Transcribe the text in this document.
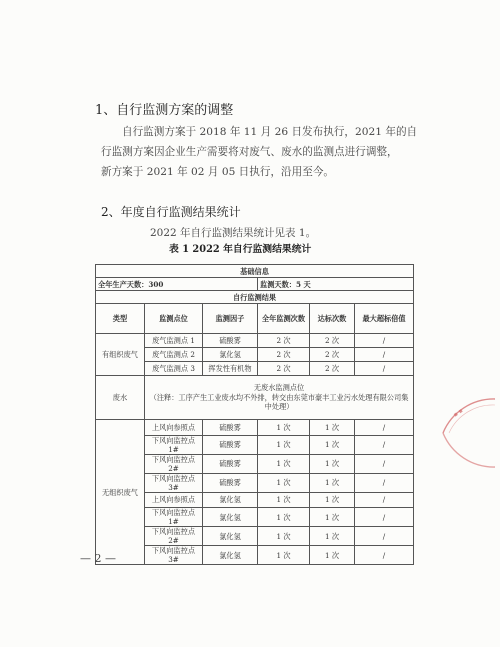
1、自行监测方案的调整
自行监测方案于 2018 年 11 月 26 日发布执行，2021 年的自
行监测方案因企业生产需要将对废气、废水的监测点进行调整，
新方案于 2021 年 02 月 05 日执行，沿用至今。
2、年度自行监测结果统计
2022 年自行监测结果统计见表 1。
表 1 2022 年自行监测结果统计
基础信息					
全年生产天数：300			监测天数：5 天		
自行监测结果					
类型	监测点位	监测因子	全年监测次数	达标次数	最大超标倍值
有组织废气	废气监测点 1	硫酸雾	2 次	2 次	/
	废气监测点 2	氯化氢	2 次	2 次	/
	废气监测点 3	挥发性有机物	2 次	2 次	/
废水	无废水监测点位
（注释：工序产生工业废水均不外排，转交由东莞市豪丰工业污水处理有限公司集中处理）				

无组织废气	上风向参照点	硫酸雾	1 次	1 次	/
	下风向监控点 1#	硫酸雾	1 次	1 次	/
	下风向监控点 2#	硫酸雾	1 次	1 次	/
	下风向监控点 3#	硫酸雾	1 次	1 次	/
	上风向参照点	氯化氢	1 次	1 次	/
	下风向监控点 1#	氯化氢	1 次	1 次	/
	下风向监控点 2#	氯化氢	1 次	1 次	/
	下风向监控点 3#	氯化氢	1 次	1 次	/
▪ ▪
— 2 —
